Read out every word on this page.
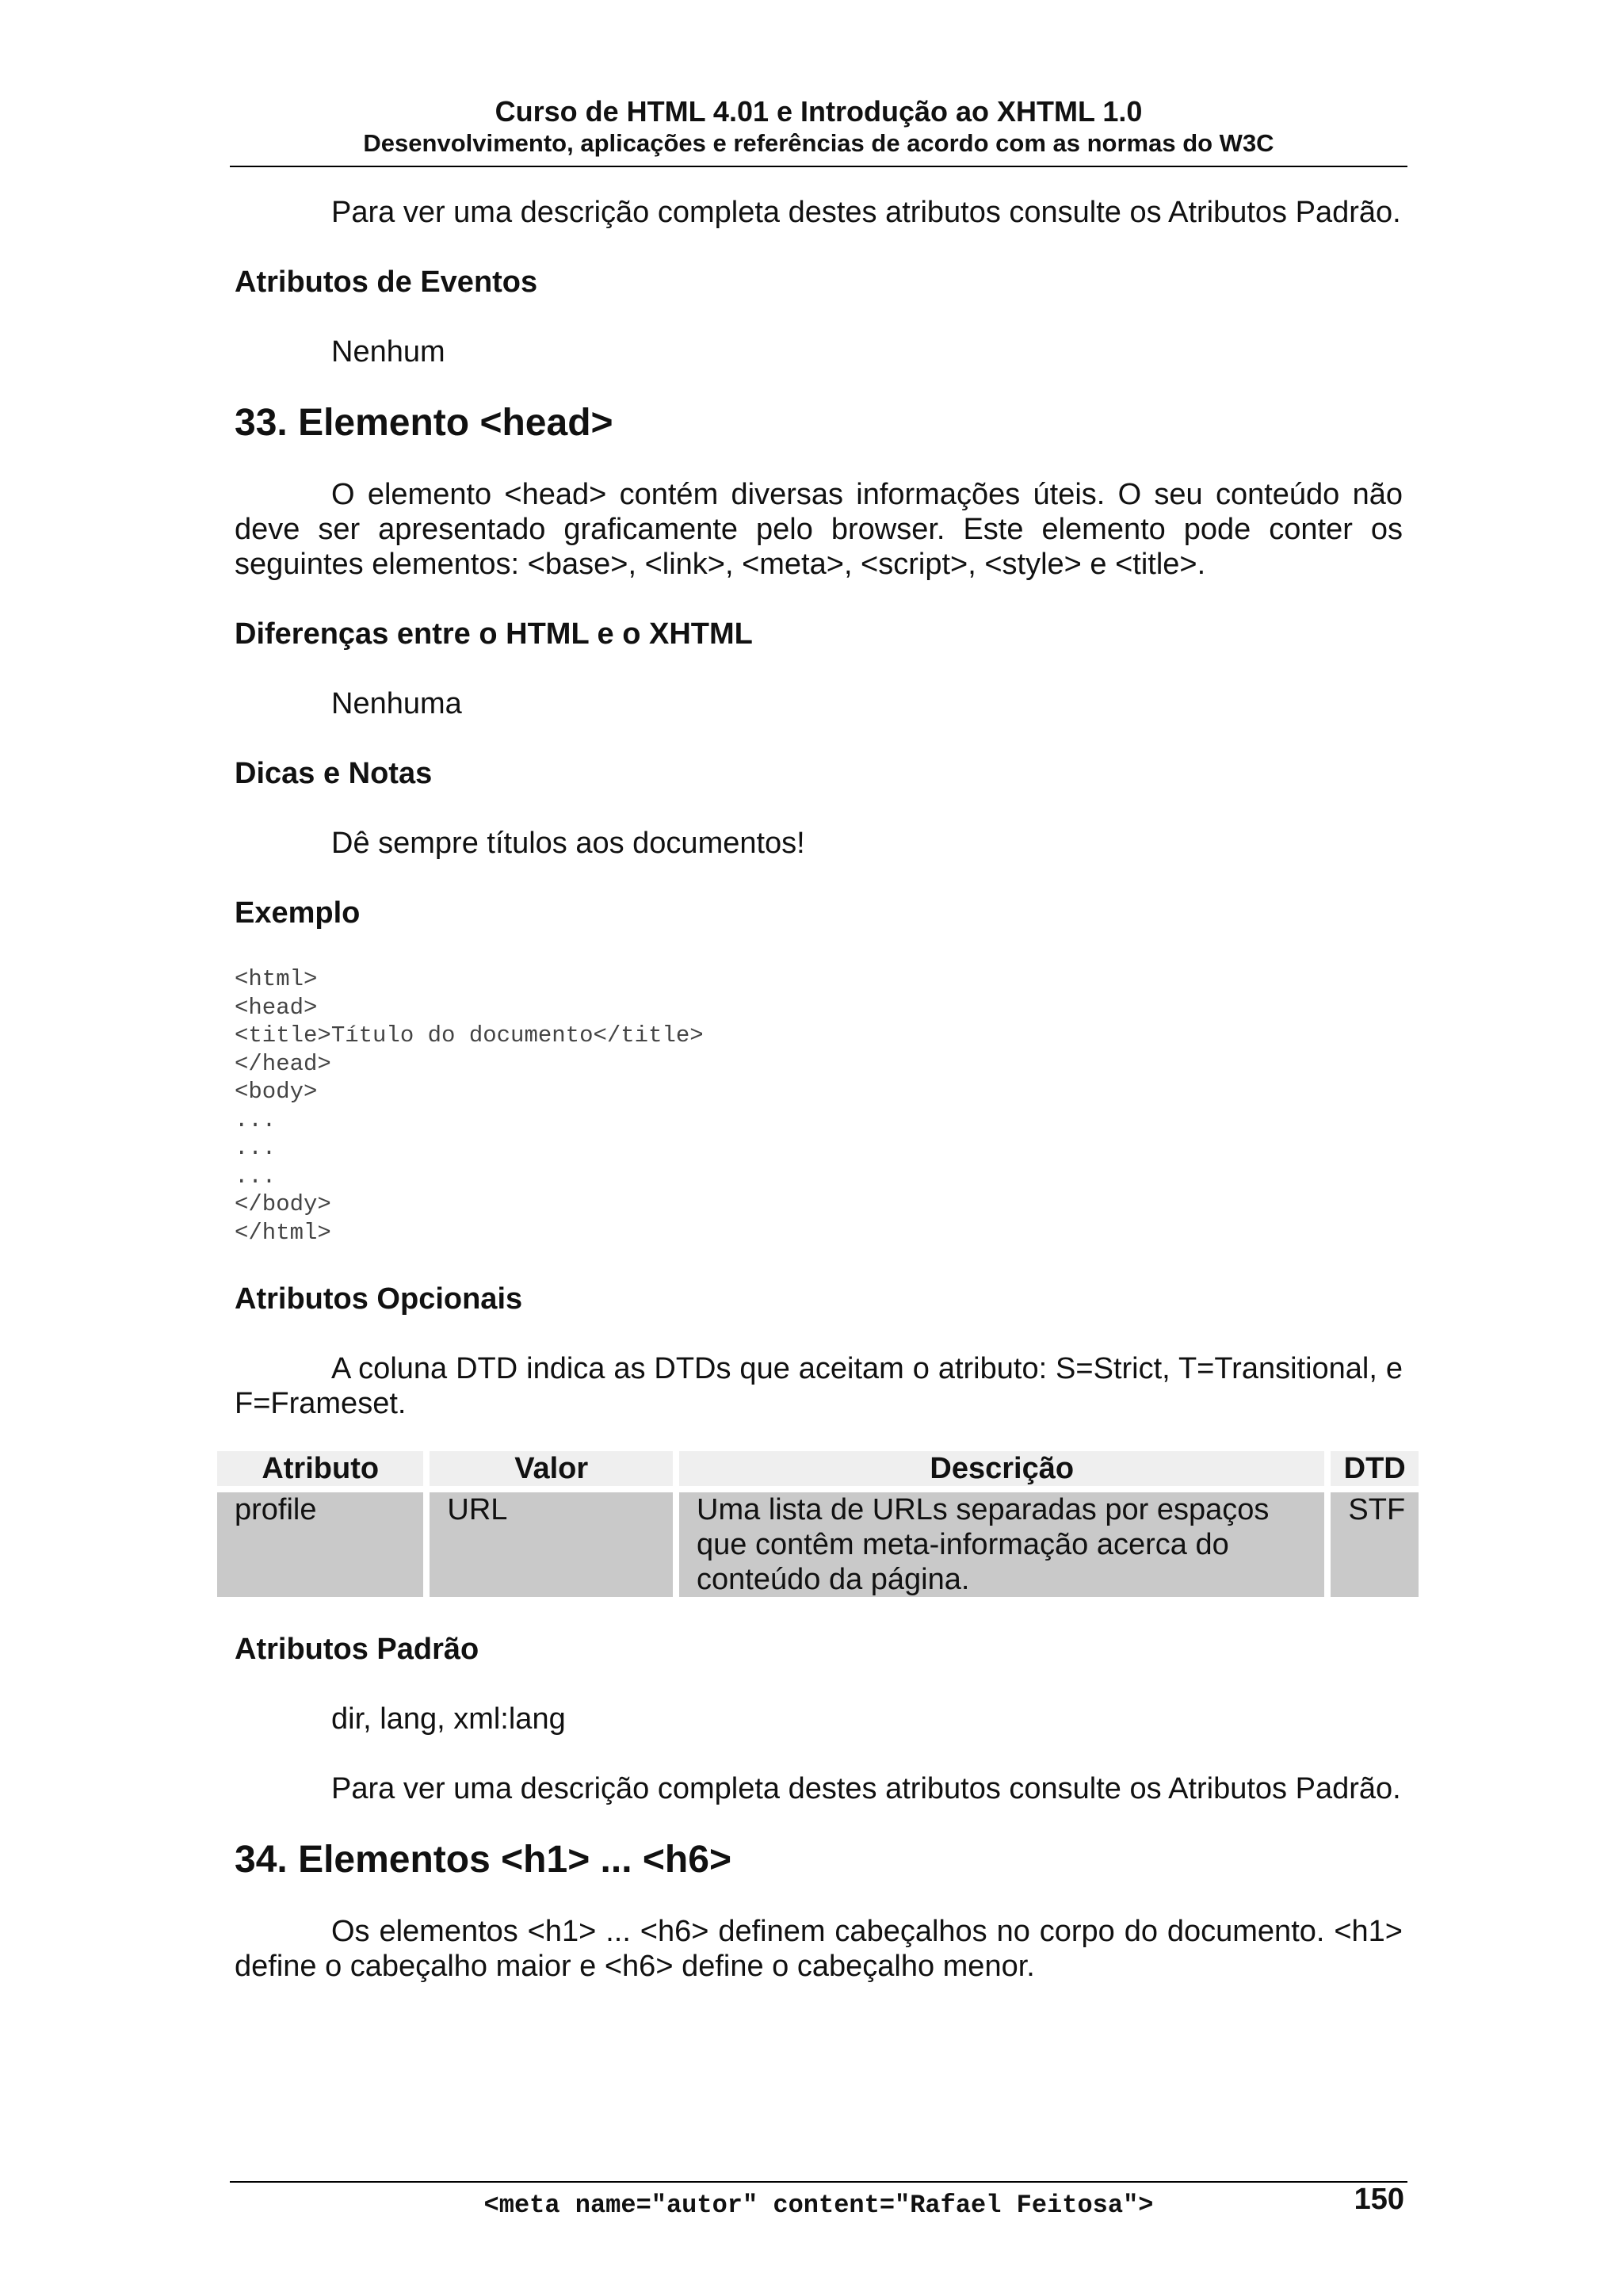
Curso de HTML 4.01 e Introdução ao XHTML 1.0
Desenvolvimento, aplicações e referências de acordo com as normas do W3C

Para ver uma descrição completa destes atributos consulte os Atributos Padrão.

Atributos de Eventos

Nenhum

33. Elemento <head>

O elemento <head> contém diversas informações úteis. O seu conteúdo não deve ser apresentado graficamente pelo browser. Este elemento pode conter os seguintes elementos: <base>, <link>, <meta>, <script>, <style> e <title>.

Diferenças entre o HTML e o XHTML

Nenhuma

Dicas e Notas

Dê sempre títulos aos documentos!

Exemplo

<html>
<head>
<title>Título do documento</title>
</head>
<body>
...
...
...
</body>
</html>

Atributos Opcionais

A coluna DTD indica as DTDs que aceitam o atributo: S=Strict, T=Transitional, e F=Frameset.

Atributo	Valor	Descrição	DTD
profile	URL	Uma lista de URLs separadas por espaços que contêm meta-informação acerca do conteúdo da página.	STF

Atributos Padrão

dir, lang, xml:lang

Para ver uma descrição completa destes atributos consulte os Atributos Padrão.

34. Elementos <h1> ... <h6>

Os elementos <h1> ... <h6> definem cabeçalhos no corpo do documento. <h1> define o cabeçalho maior e <h6> define o cabeçalho menor.

<meta name="autor" content="Rafael Feitosa">	150
